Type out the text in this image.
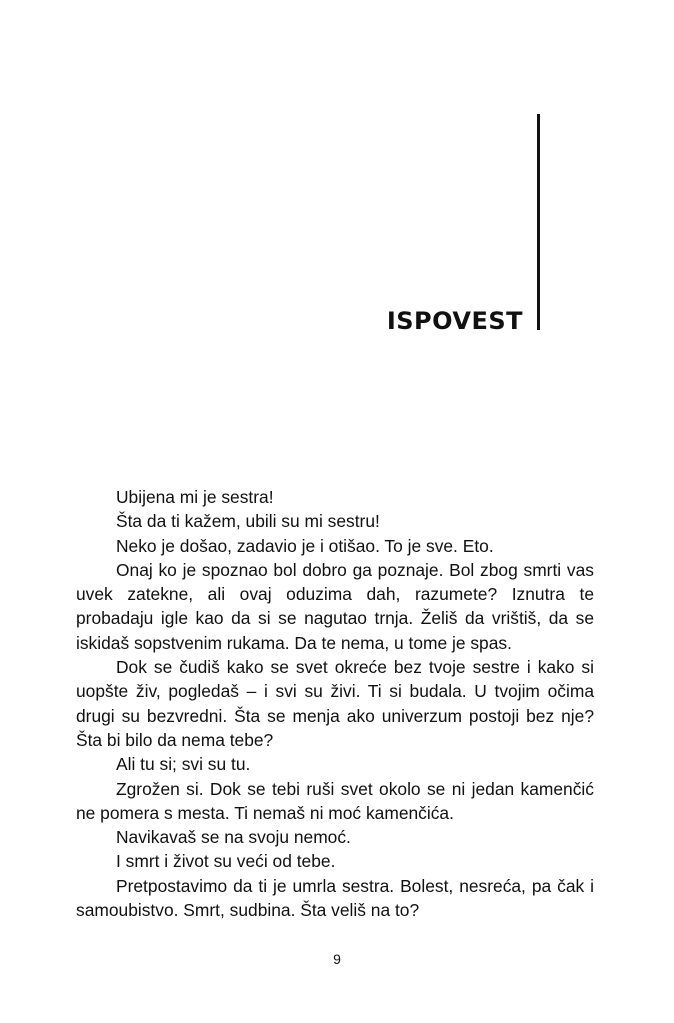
ISPOVEST

Ubijena mi je sestra!

Šta da ti kažem, ubili su mi sestru!

Neko je došao, zadavio je i otišao. To je sve. Eto.

Onaj ko je spoznao bol dobro ga poznaje. Bol zbog smrti vas uvek zatekne, ali ovaj oduzima dah, razumete? Iznutra te probadaju igle kao da si se nagutao trnja. Želiš da vrištiš, da se iskidaš sopstvenim rukama. Da te nema, u tome je spas.

Dok se čudiš kako se svet okreće bez tvoje sestre i kako si uopšte živ, pogledaš – i svi su živi. Ti si budala. U tvojim očima drugi su bezvredni. Šta se menja ako univerzum postoji bez nje? Šta bi bilo da nema tebe?

Ali tu si; svi su tu.

Zgrožen si. Dok se tebi ruši svet okolo se ni jedan kamenčić ne pomera s mesta. Ti nemaš ni moć kamenčića.

Navikavaš se na svoju nemoć.

I smrt i život su veći od tebe.

Pretpostavimo da ti je umrla sestra. Bolest, nesreća, pa čak i samoubistvo. Smrt, sudbina. Šta veliš na to?

9
